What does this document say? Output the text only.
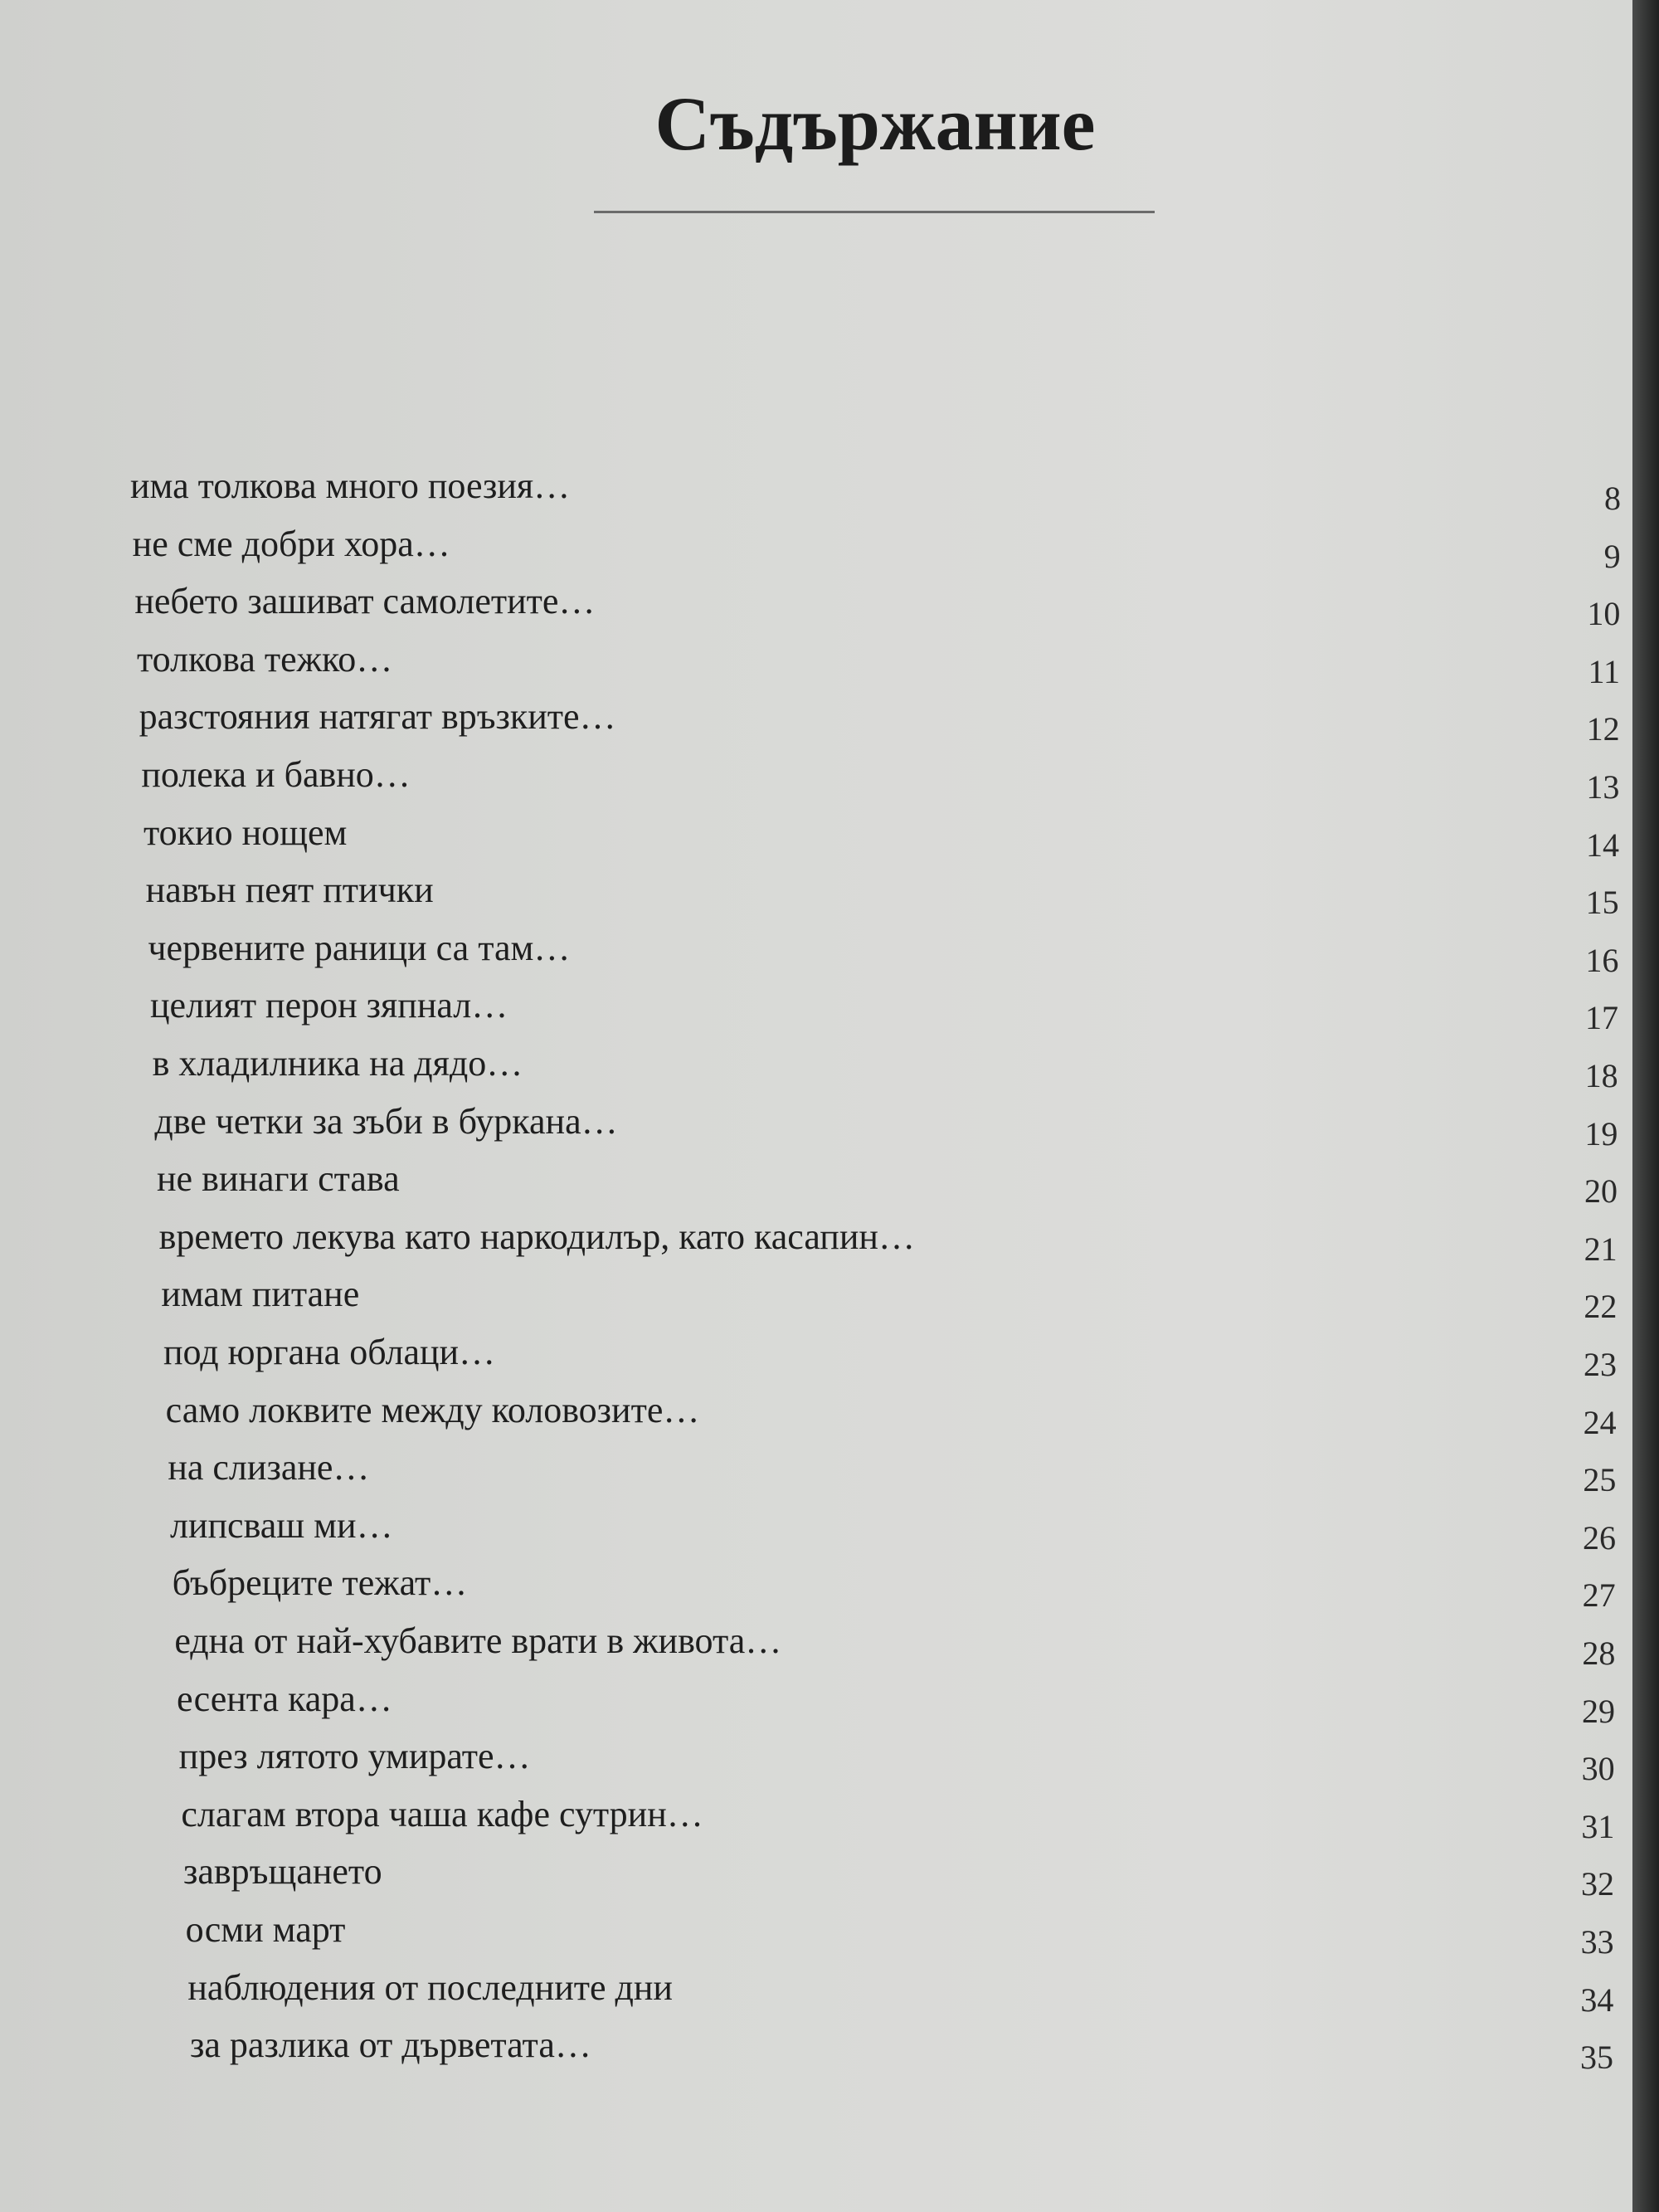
Съдържание
има толкова много поезия…	8
не сме добри хора…	9
небето зашиват самолетите…	10
толкова тежко…	11
разстояния натягат връзките…	12
полека и бавно…	13
токио нощем	14
навън пеят птички	15
червените раници са там…	16
целият перон зяпнал…	17
в хладилника на дядо…	18
две четки за зъби в буркана…	19
не винаги става	20
времето лекува като наркодилър, като касапин…	21
имам питане	22
под юргана облаци…	23
само локвите между коловозите…	24
на слизане…	25
липсваш ми…	26
бъбреците тежат…	27
една от най-хубавите врати в живота…	28
есента кара…	29
през лятото умирате…	30
слагам втора чаша кафе сутрин…	31
завръщането	32
осми март	33
наблюдения от последните дни	34
за разлика от дърветата…	35
